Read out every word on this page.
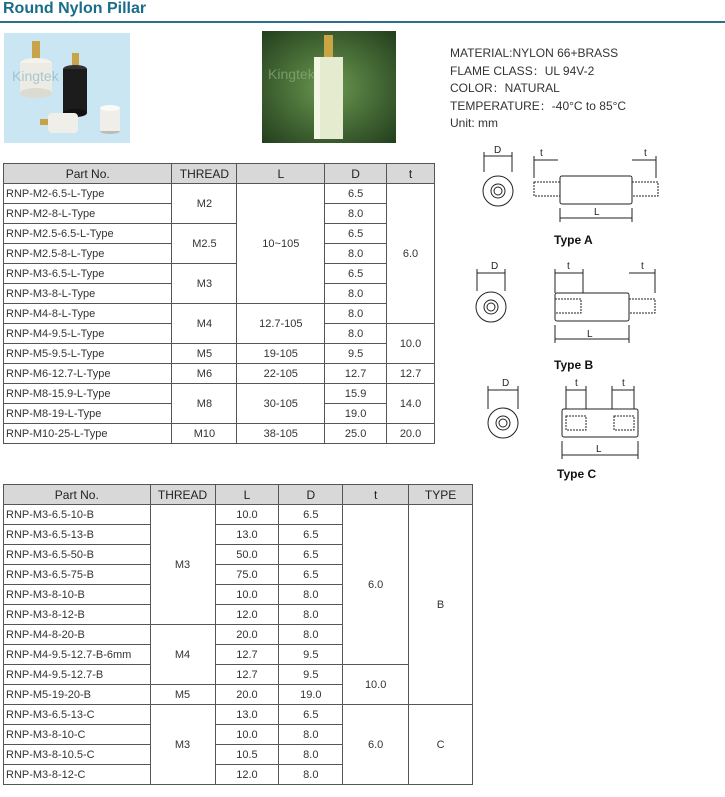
Round Nylon Pillar
Kingtek	Kingtek
MATERIAL:NYLON 66+BRASS
FLAME CLASS：UL 94V-2
COLOR：NATURAL
TEMPERATURE：-40°C to 85°C
Unit: mm
Part No.	THREAD	L	D	t
RNP-M2-6.5-L-Type	M2	10~105	6.5	6.0
RNP-M2-8-L-Type			8.0	
RNP-M2.5-6.5-L-Type	M2.5		6.5	
RNP-M2.5-8-L-Type			8.0	
RNP-M3-6.5-L-Type	M3		6.5	
RNP-M3-8-L-Type			8.0	
RNP-M4-8-L-Type	M4	12.7-105	8.0	
RNP-M4-9.5-L-Type			8.0	10.0
RNP-M5-9.5-L-Type	M5	19-105	9.5	
RNP-M6-12.7-L-Type	M6	22-105	12.7	12.7
RNP-M8-15.9-L-Type	M8	30-105	15.9	14.0
RNP-M8-19-L-Type			19.0	
RNP-M10-25-L-Type	M10	38-105	25.0	20.0
Part No.	THREAD	L	D	t	TYPE
RNP-M3-6.5-10-B	M3	10.0	6.5	6.0	B
RNP-M3-6.5-13-B		13.0	6.5		
RNP-M3-6.5-50-B		50.0	6.5		
RNP-M3-6.5-75-B		75.0	6.5		
RNP-M3-8-10-B		10.0	8.0		
RNP-M3-8-12-B		12.0	8.0		
RNP-M4-8-20-B	M4	20.0	8.0		
RNP-M4-9.5-12.7-B-6mm		12.7	9.5		
RNP-M4-9.5-12.7-B		12.7	9.5	10.0	
RNP-M5-19-20-B	M5	20.0	19.0		
RNP-M3-6.5-13-C	M3	13.0	6.5	6.0	C
RNP-M3-8-10-C		10.0	8.0		
RNP-M3-8-10.5-C		10.5	8.0		
RNP-M3-8-12-C		12.0	8.0		
D	t	t
L
Type A
D	t	t
L
Type B
D	t	t
L
Type C
